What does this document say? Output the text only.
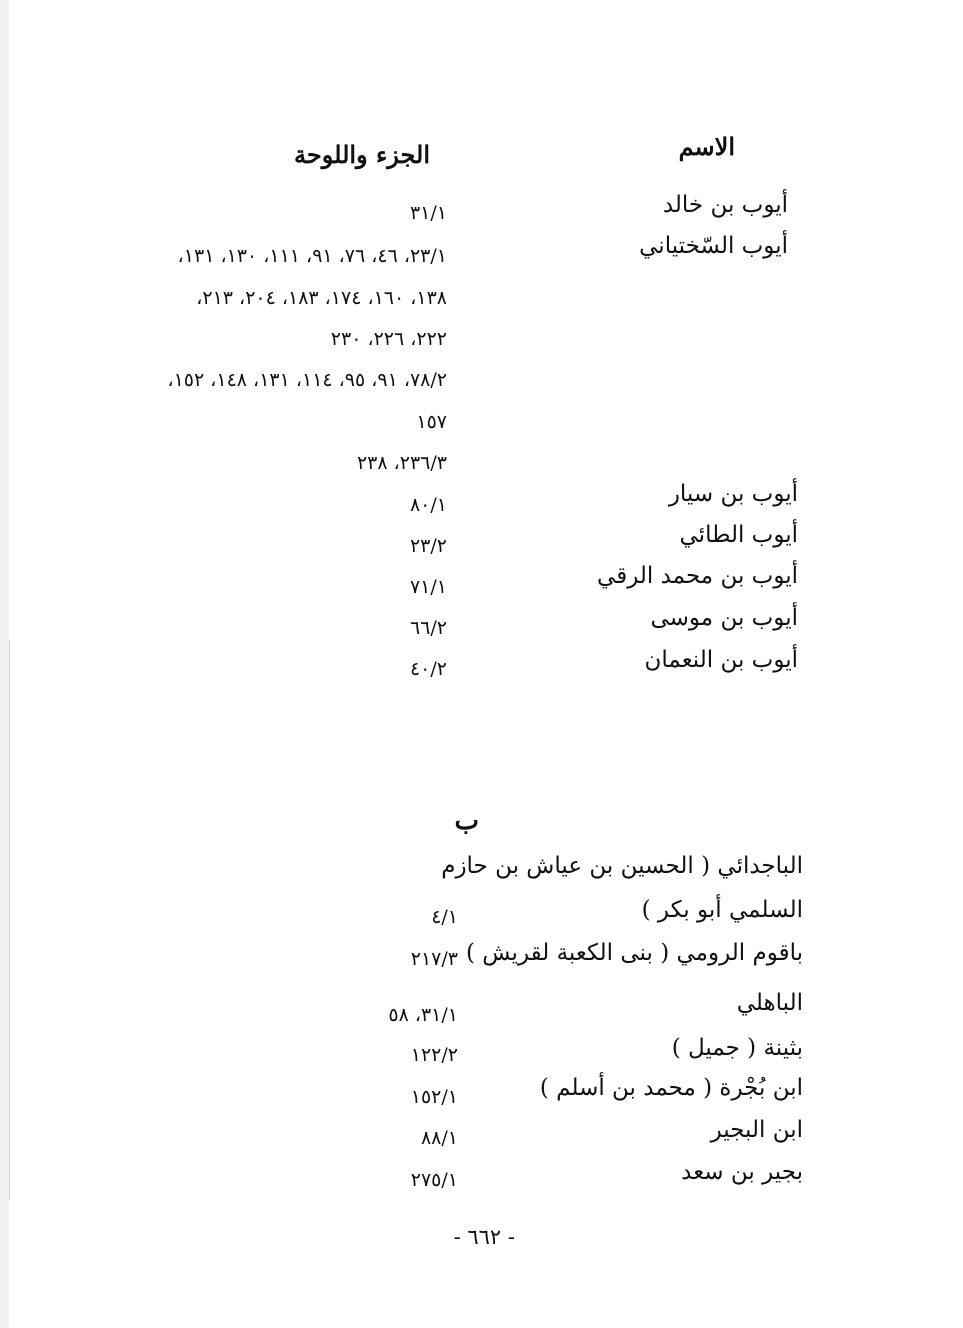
الاسم
الجزء واللوحة
أيوب بن خالد
٣١/١
أيوب السّختياني
٢٣/١، ٤٦، ٧٦، ٩١، ١١١، ١٣٠، ١٣١،
١٣٨، ١٦٠، ١٧٤، ١٨٣، ٢٠٤، ٢١٣،
٢٢٢، ٢٢٦، ٢٣٠
٧٨/٢، ٩١، ٩٥، ١١٤، ١٣١، ١٤٨، ١٥٢،
١٥٧
٢٣٦/٣، ٢٣٨
أيوب بن سيار
٨٠/١
أيوب الطائي
٢٣/٢
أيوب بن محمد الرقي
٧١/١
أيوب بن موسى
٦٦/٢
أيوب بن النعمان
٤٠/٢
ب
الباجدائي ( الحسين بن عياش بن حازم
السلمي أبو بكر )
٤/١
باقوم الرومي ( بنى الكعبة لقريش )
٢١٧/٣
الباهلي
٣١/١، ٥٨
بثينة ( جميل )
١٢٢/٢
ابن بُجْرة ( محمد بن أسلم )
١٥٢/١
ابن البجير
٨٨/١
بجير بن سعد
٢٧٥/١
- ٦٦٢ -
